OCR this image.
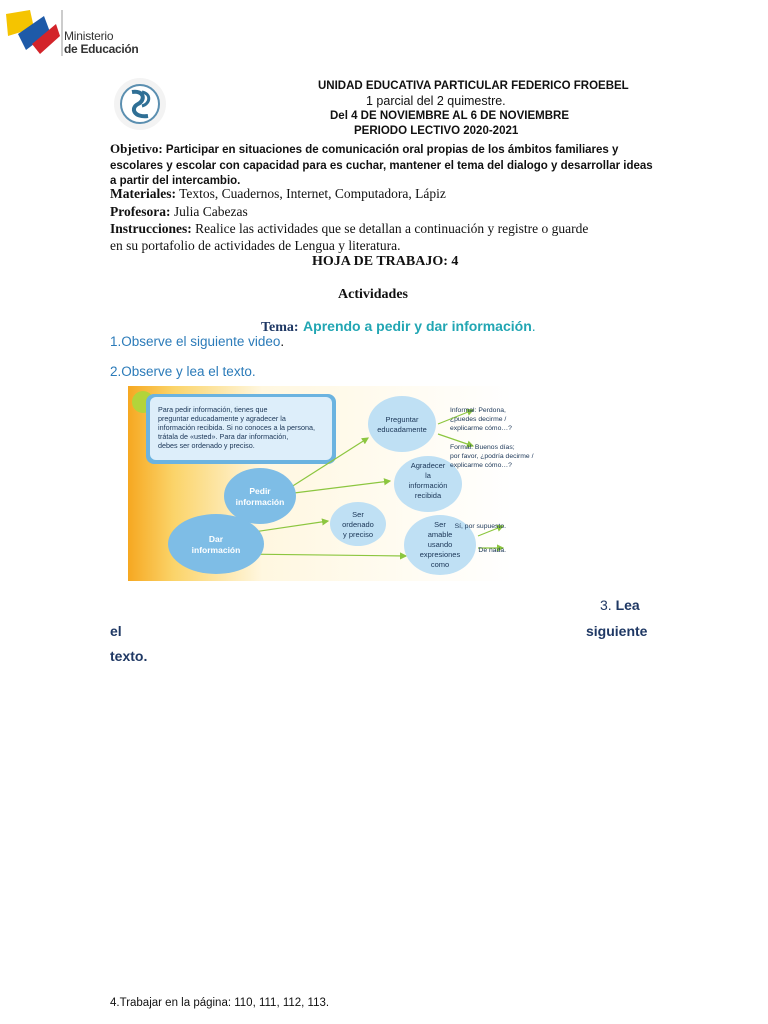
Ministerio
de Educación
UNIDAD EDUCATIVA PARTICULAR FEDERICO FROEBEL
1 parcial del 2 quimestre.
Del 4 DE NOVIEMBRE AL 6 DE NOVIEMBRE
PERIODO LECTIVO 2020-2021
Objetivo: Participar en situaciones de comunicación oral propias de los ámbitos familiares y
escolares y escolar con capacidad para es cuchar, mantener el tema del dialogo y desarrollar ideas
a partir del intercambio.
Materiales: Textos, Cuadernos, Internet, Computadora, Lápiz
Profesora: Julia Cabezas
Instrucciones: Realice las actividades que se detallan a continuación y registre o guarde
en su portafolio de actividades de Lengua y literatura.
HOJA DE TRABAJO: 4
Actividades
Tema: Aprendo a pedir y dar información.
1.Observe el siguiente video.
2.Observe y lea el texto.
Para pedir información, tienes que
preguntar educadamente y agradecer la
información recibida. Si no conoces a la persona,
trátala de «usted». Para dar información,
debes ser ordenado y preciso.
Pedir
información
Dar
información
Preguntar
educadamente
Agradecer
la
información
recibida
Ser
ordenado
y preciso
Ser
amable
usando
expresiones
como
Informal: Perdona,
¿puedes decirme /
explicarme cómo…?
Formal: Buenos días;
por favor, ¿podría decirme /
explicarme cómo…?
Sí, por supuesto.
De nada.
3. Lea
el	siguiente
texto.
4.Trabajar en la página: 110, 111, 112, 113.
